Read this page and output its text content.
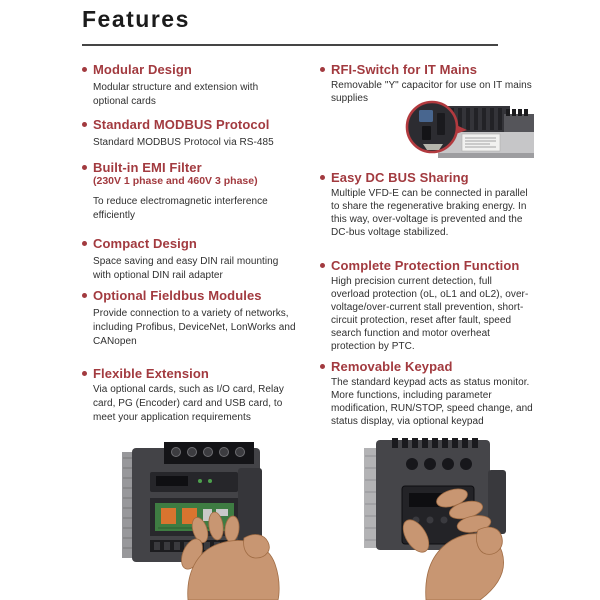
Features
Modular Design

Modular structure and extension with optional cards

Standard MODBUS Protocol

Standard MODBUS Protocol via RS-485

Built-in EMI Filter
(230V 1 phase and 460V 3 phase)

To reduce electromagnetic interference efficiently

Compact Design

Space saving and easy DIN rail mounting with optional DIN rail adapter

Optional Fieldbus Modules

Provide connection to a variety of networks, including Profibus, DeviceNet, LonWorks and CANopen

Flexible Extension

Via optional cards, such as I/O card, Relay card, PG (Encoder) card and USB card, to meet your application requirements

RFI-Switch for IT Mains

Removable "Y" capacitor for use on IT mains supplies

Easy DC BUS Sharing

Multiple VFD-E can be connected in parallel to share the regenerative braking energy. In this way, over-voltage is prevented and the DC-bus voltage stabilized.

Complete Protection Function

High precision current detection, full overload protection (oL, oL1 and oL2), over-voltage/over-current stall prevention, short-circuit protection, reset after fault, speed search function and motor overheat protection by PTC.

Removable Keypad

The standard keypad acts as status monitor. More functions, including parameter modification, RUN/STOP, speed change, and status display, via optional keypad
